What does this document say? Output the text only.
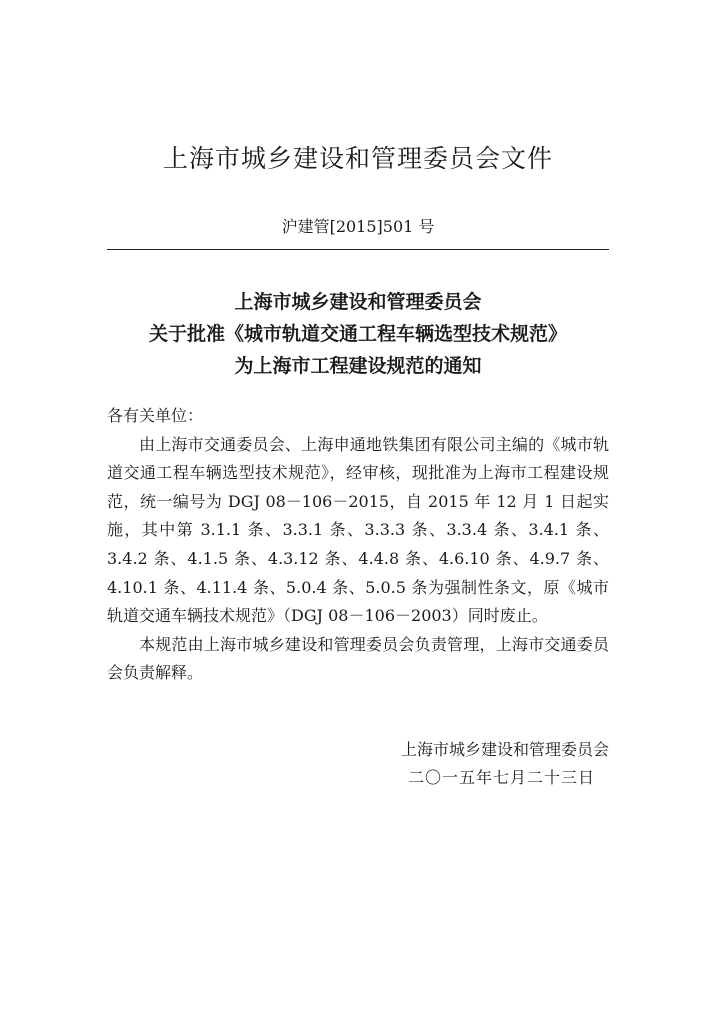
上海市城乡建设和管理委员会文件
沪建管[2015]501 号
上海市城乡建设和管理委员会
关于批准《城市轨道交通工程车辆选型技术规范》
为上海市工程建设规范的通知

各有关单位：

由上海市交通委员会、上海申通地铁集团有限公司主编的《城市轨道交通工程车辆选型技术规范》，经审核，现批准为上海市工程建设规范，统一编号为 DGJ 08－106－2015，自 2015 年 12 月 1 日起实施，其中第 3.1.1 条、3.3.1 条、3.3.3 条、3.3.4 条、3.4.1 条、3.4.2 条、4.1.5 条、4.3.12 条、4.4.8 条、4.6.10 条、4.9.7 条、4.10.1 条、4.11.4 条、5.0.4 条、5.0.5 条为强制性条文，原《城市轨道交通车辆技术规范》（DGJ 08－106－2003）同时废止。

本规范由上海市城乡建设和管理委员会负责管理，上海市交通委员会负责解释。

上海市城乡建设和管理委员会
二〇一五年七月二十三日
